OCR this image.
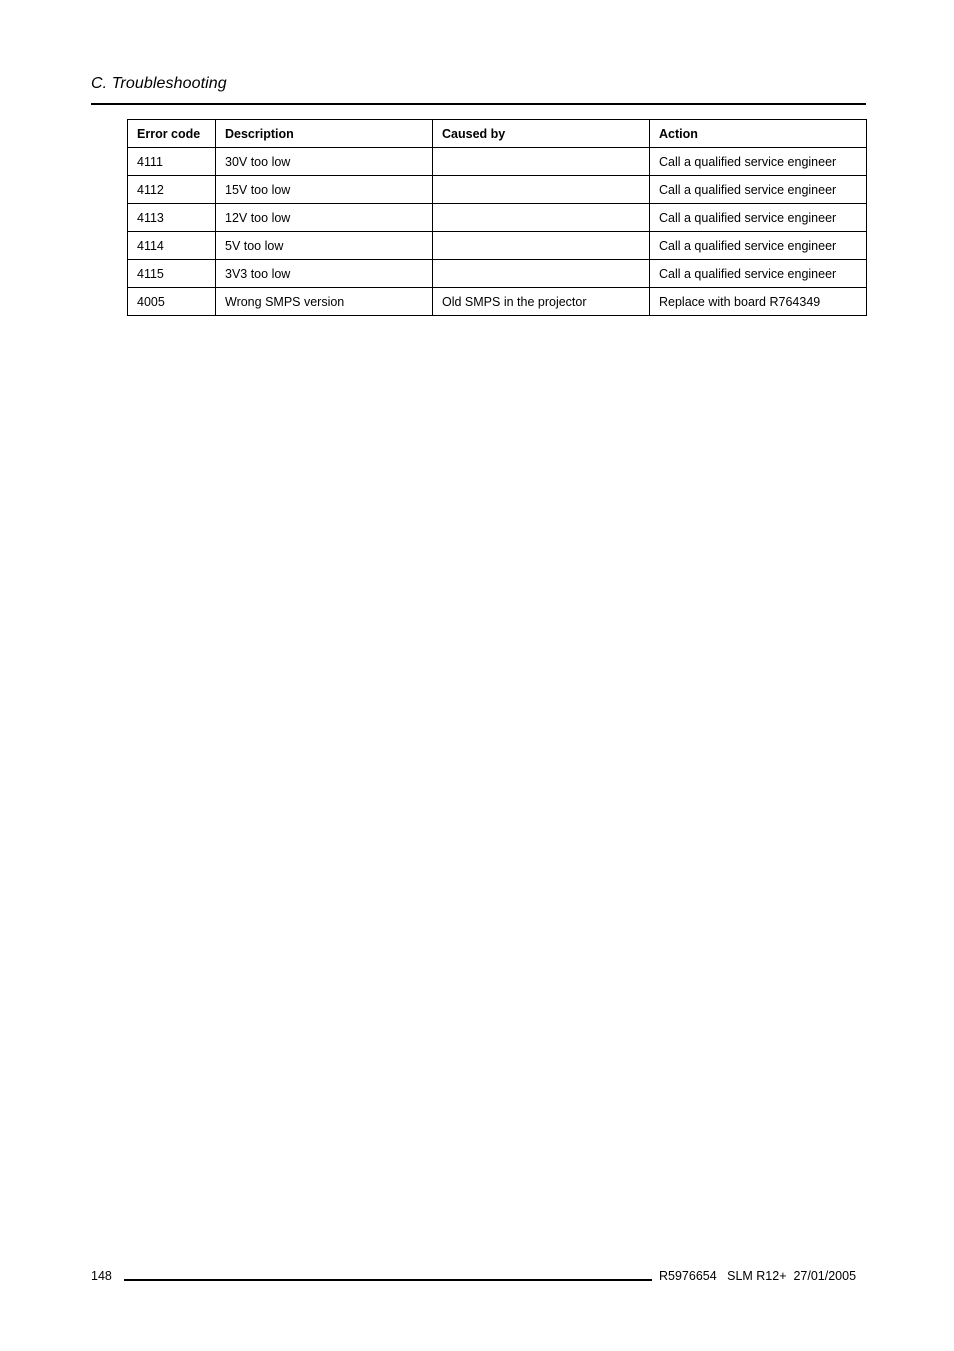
C. Troubleshooting
Error code	Description	Caused by	Action
4111	30V too low		Call a qualified service engineer
4112	15V too low		Call a qualified service engineer
4113	12V too low		Call a qualified service engineer
4114	5V too low		Call a qualified service engineer
4115	3V3 too low		Call a qualified service engineer
4005	Wrong SMPS version	Old SMPS in the projector	Replace with board R764349
148	R5976654   SLM R12+  27/01/2005
